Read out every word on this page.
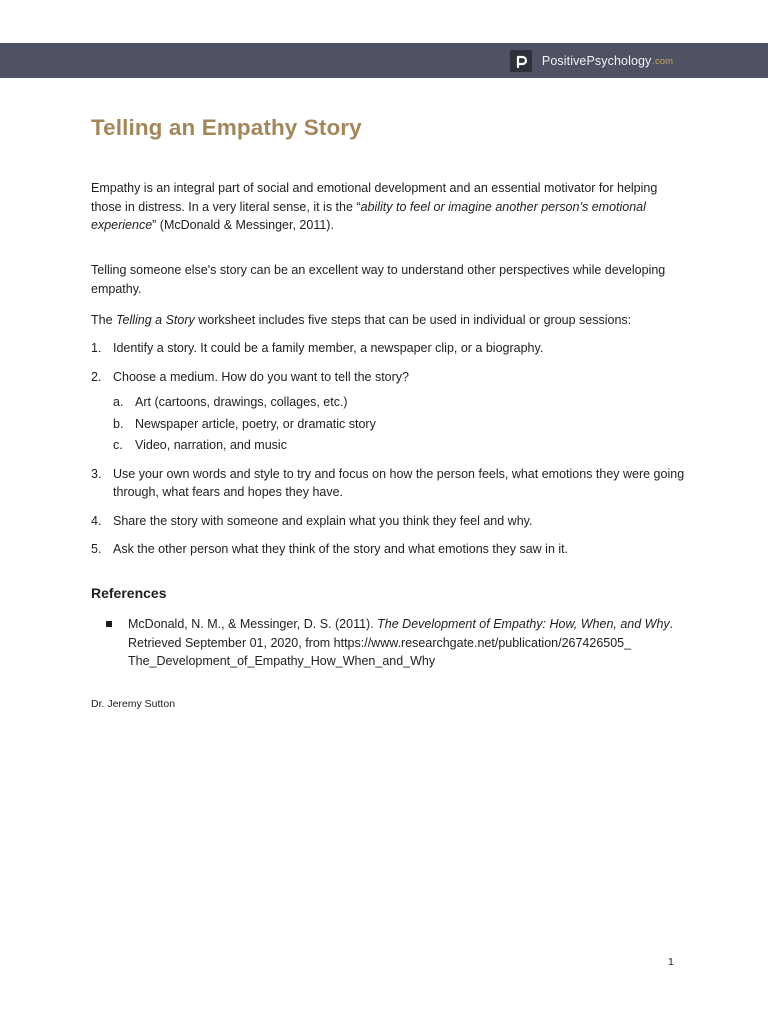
PositivePsychology .com
Telling an Empathy Story

Empathy is an integral part of social and emotional development and an essential motivator for helping those in distress. In a very literal sense, it is the “ability to feel or imagine another person’s emotional experience” (McDonald & Messinger, 2011).

Telling someone else's story can be an excellent way to understand other perspectives while developing empathy.

The Telling a Story worksheet includes five steps that can be used in individual or group sessions:

1. Identify a story. It could be a family member, a newspaper clip, or a biography.
2. Choose a medium. How do you want to tell the story?
a. Art (cartoons, drawings, collages, etc.)
b. Newspaper article, poetry, or dramatic story
c. Video, narration, and music
3. Use your own words and style to try and focus on how the person feels, what emotions they were going through, what fears and hopes they have.
4. Share the story with someone and explain what you think they feel and why.
5. Ask the other person what they think of the story and what emotions they saw in it.
References
McDonald, N. M., & Messinger, D. S. (2011). The Development of Empathy: How, When, and Why.
Retrieved September 01, 2020, from https://www.researchgate.net/publication/267426505_
The_Development_of_Empathy_How_When_and_Why
Dr. Jeremy Sutton
1
